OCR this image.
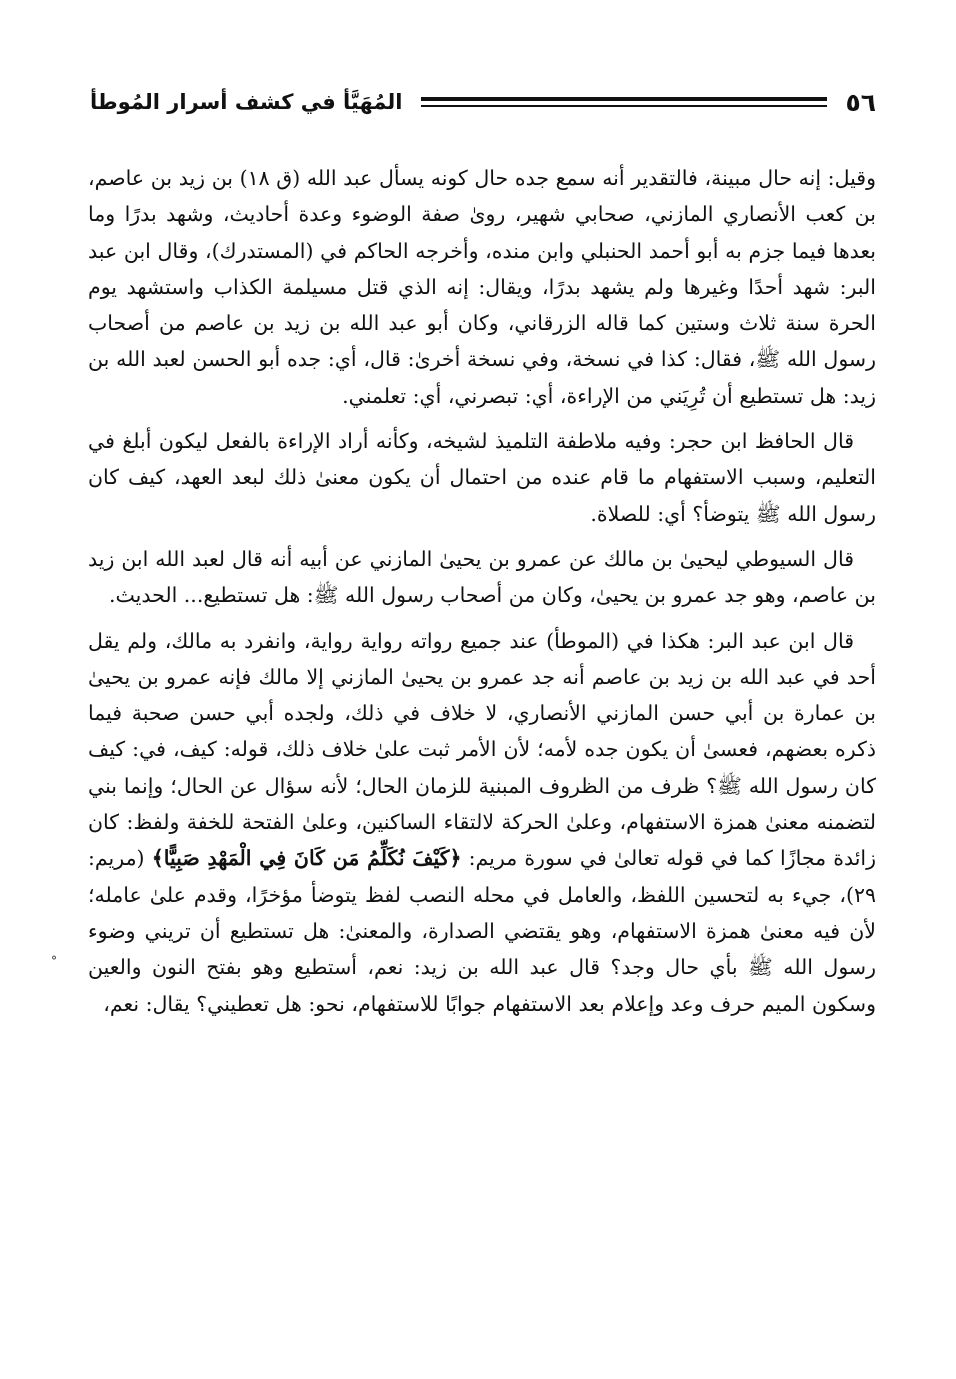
٥٦
المُهَيَّأ في كشف أسرار المُوطأ

وقيل: إنه حال مبينة، فالتقدير أنه سمع جده حال كونه يسأل عبد الله (ق ١٨) بن زيد بن عاصم، بن كعب الأنصاري المازني، صحابي شهير، روىٰ صفة الوضوء وعدة أحاديث، وشهد بدرًا وما بعدها فيما جزم به أبو أحمد الحنبلي وابن منده، وأخرجه الحاكم في (المستدرك)، وقال ابن عبد البر: شهد أحدًا وغيرها ولم يشهد بدرًا، ويقال: إنه الذي قتل مسيلمة الكذاب واستشهد يوم الحرة سنة ثلاث وستين كما قاله الزرقاني، وكان أبو عبد الله بن زيد بن عاصم من أصحاب رسول الله ﷺ، فقال: كذا في نسخة، وفي نسخة أخرىٰ: قال، أي: جده أبو الحسن لعبد الله بن زيد: هل تستطيع أن تُرِيَني من الإراءة، أي: تبصرني، أي: تعلمني.

قال الحافظ ابن حجر: وفيه ملاطفة التلميذ لشيخه، وكأنه أراد الإراءة بالفعل ليكون أبلغ في التعليم، وسبب الاستفهام ما قام عنده من احتمال أن يكون معنىٰ ذلك لبعد العهد، كيف كان رسول الله ﷺ يتوضأ؟ أي: للصلاة.

قال السيوطي ليحيىٰ بن مالك عن عمرو بن يحيىٰ المازني عن أبيه أنه قال لعبد الله ابن زيد بن عاصم، وهو جد عمرو بن يحيىٰ، وكان من أصحاب رسول الله ﷺ: هل تستطيع... الحديث.

قال ابن عبد البر: هكذا في (الموطأ) عند جميع رواته رواية رواية، وانفرد به مالك، ولم يقل أحد في عبد الله بن زيد بن عاصم أنه جد عمرو بن يحيىٰ المازني إلا مالك فإنه عمرو بن يحيىٰ بن عمارة بن أبي حسن المازني الأنصاري، لا خلاف في ذلك، ولجده أبي حسن صحبة فيما ذكره بعضهم، فعسىٰ أن يكون جده لأمه؛ لأن الأمر ثبت علىٰ خلاف ذلك، قوله: كيف، في: كيف كان رسول الله ﷺ؟ ظرف من الظروف المبنية للزمان الحال؛ لأنه سؤال عن الحال؛ وإنما بني لتضمنه معنىٰ همزة الاستفهام، وعلىٰ الحركة لالتقاء الساكنين، وعلىٰ الفتحة للخفة ولفظ: كان زائدة مجازًا كما في قوله تعالىٰ في سورة مريم: ﴿كَيْفَ نُكَلِّمُ مَن كَانَ فِي الْمَهْدِ صَبِيًّا﴾ (مريم: ٢٩)، جيء به لتحسين اللفظ، والعامل في محله النصب لفظ يتوضأ مؤخرًا، وقدم علىٰ عامله؛ لأن فيه معنىٰ همزة الاستفهام، وهو يقتضي الصدارة، والمعنىٰ: هل تستطيع أن تريني وضوء رسول الله ﷺ بأي حال وجد؟ قال عبد الله بن زيد: نعم، أستطيع وهو بفتح النون والعين وسكون الميم حرف وعد وإعلام بعد الاستفهام جوابًا للاستفهام، نحو: هل تعطيني؟ يقال: نعم،

ﹾ
